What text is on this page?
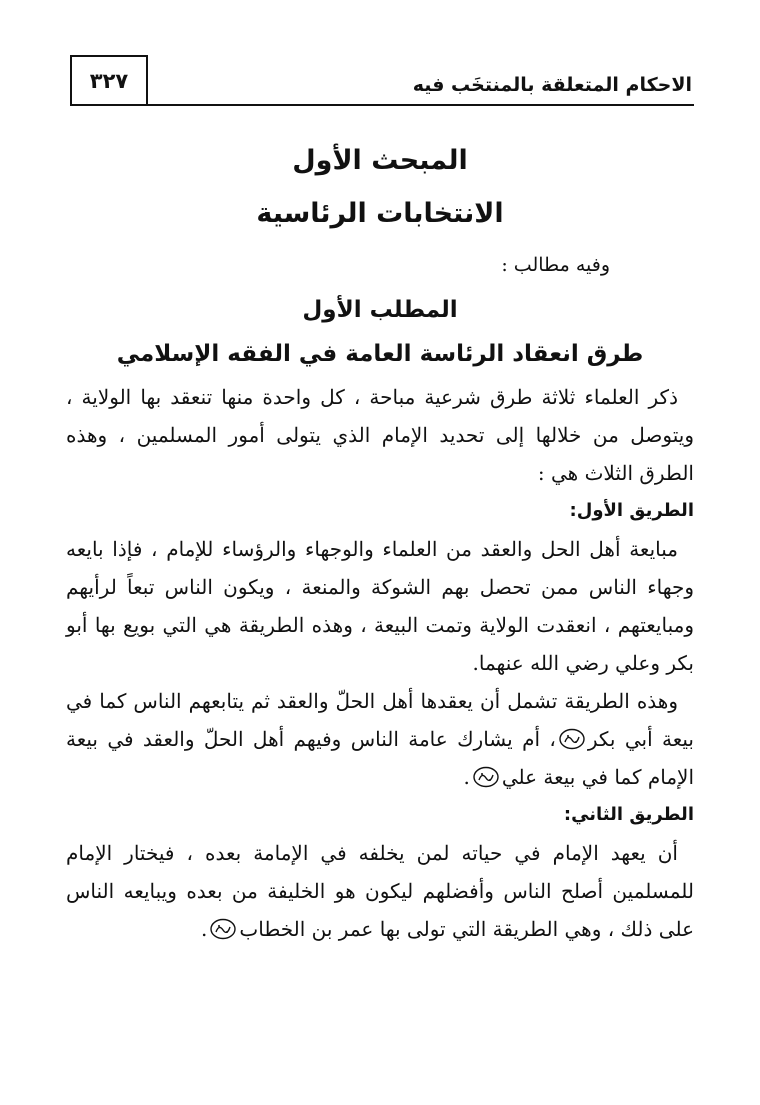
الاحكام المتعلقة بالمنتخَب فيه
٣٢٧
المبحث الأول
الانتخابات الرئاسية
وفيه مطالب :
المطلب الأول
طرق انعقاد الرئاسة العامة في الفقه الإسلامي

ذكر العلماء ثلاثة طرق شرعية مباحة ، كل واحدة منها تنعقد بها الولاية ، ويتوصل من خلالها إلى تحديد الإمام الذي يتولى أمور المسلمين ، وهذه الطرق الثلاث هي :

الطريق الأول:

مبايعة أهل الحل والعقد من العلماء والوجهاء والرؤساء للإمام ، فإذا بايعه وجهاء الناس ممن تحصل بهم الشوكة والمنعة ، ويكون الناس تبعاً لرأيهم ومبايعتهم ، انعقدت الولاية وتمت البيعة ، وهذه الطريقة هي التي بويع بها أبو بكر وعلي رضي الله عنهما.

وهذه الطريقة تشمل أن يعقدها أهل الحلّ والعقد ثم يتابعهم الناس كما في بيعة أبي بكر، أم يشارك عامة الناس وفيهم أهل الحلّ والعقد في بيعة الإمام كما في بيعة علي.

الطريق الثاني:

أن يعهد الإمام في حياته لمن يخلفه في الإمامة بعده ، فيختار الإمام للمسلمين أصلح الناس وأفضلهم ليكون هو الخليفة من بعده ويبايعه الناس على ذلك ، وهي الطريقة التي تولى بها عمر بن الخطاب.
